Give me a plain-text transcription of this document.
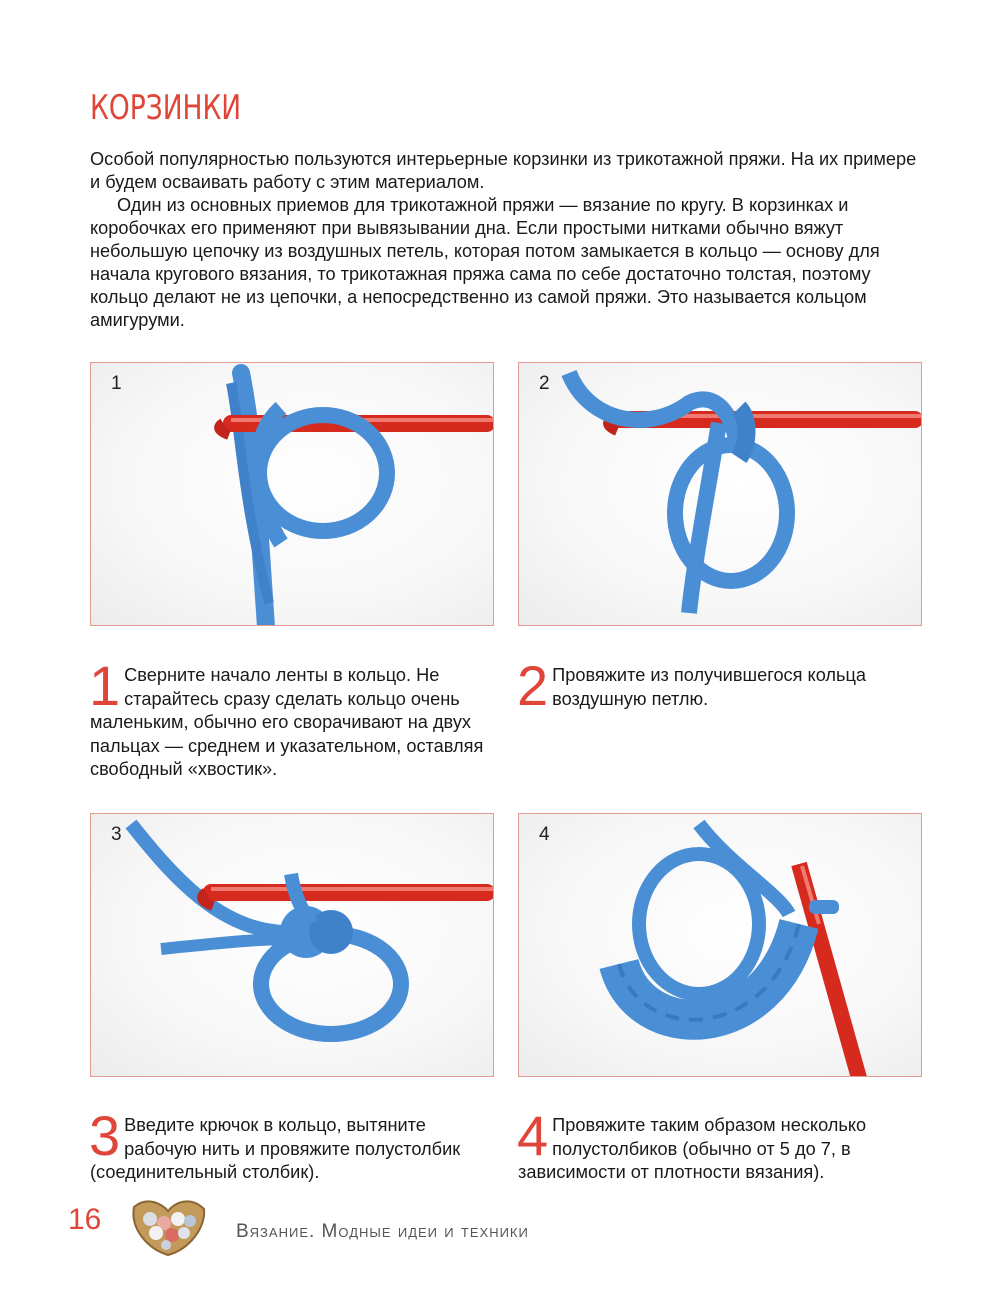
КОРЗИНКИ

Особой популярностью пользуются интерьерные корзинки из трикотажной пряжи. На их примере и будем осваивать работу с этим материалом.

Один из основных приемов для трикотажной пряжи — вязание по кругу. В корзинках и коробочках его применяют при вывязывании дна. Если простыми нитками обычно вяжут небольшую цепочку из воздушных петель, которая потом замыкается в кольцо — основу для начала кругового вязания, то трикотажная пряжа сама по себе достаточно толстая, поэтому кольцо делают не из цепочки, а непосредственно из самой пряжи. Это называется кольцом амигуруми.

1	2
1 Сверните начало ленты в кольцо. Не старайтесь сразу сделать кольцо очень маленьким, обычно его сворачивают на двух пальцах — среднем и указательном, оставляя свободный «хвостик».
2 Провяжите из получившегося кольца воздушную петлю.
3	4
3 Введите крючок в кольцо, вытяните рабочую нить и провяжите полустолбик (соединительный столбик).
4 Провяжите таким образом несколько полустолбиков (обычно от 5 до 7, в зависимости от плотности вязания).
16	Вязание. Модные идеи и техники
